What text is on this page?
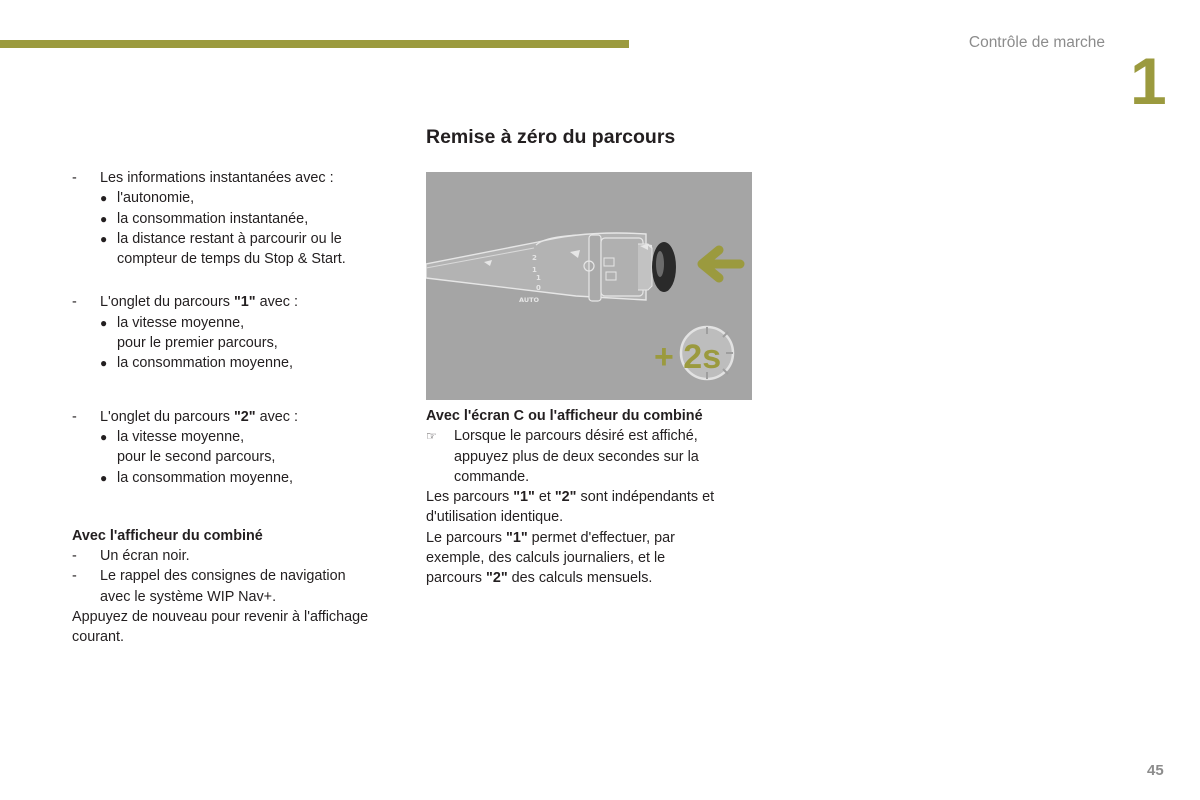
Contrôle de marche
1
- Les informations instantanées avec :
● l'autonomie,
● la consommation instantanée,
● la distance restant à parcourir ou le
compteur de temps du Stop & Start.
- L'onglet du parcours "1" avec :
● la vitesse moyenne,
pour le premier parcours,
● la consommation moyenne,
- L'onglet du parcours "2" avec :
● la vitesse moyenne,
pour le second parcours,
● la consommation moyenne,
Avec l'afficheur du combiné
- Un écran noir.
- Le rappel des consignes de navigation
avec le système WIP Nav+.
Appuyez de nouveau pour revenir à l'affichage
courant.
Remise à zéro du parcours
2
1
1
0
AUTO
+ 2s
Avec l'écran C ou l'afficheur du combiné
☞ Lorsque le parcours désiré est affiché,
appuyez plus de deux secondes sur la
commande.
Les parcours "1" et "2" sont indépendants et
d'utilisation identique.
Le parcours "1" permet d'effectuer, par
exemple, des calculs journaliers, et le
parcours "2" des calculs mensuels.
45
